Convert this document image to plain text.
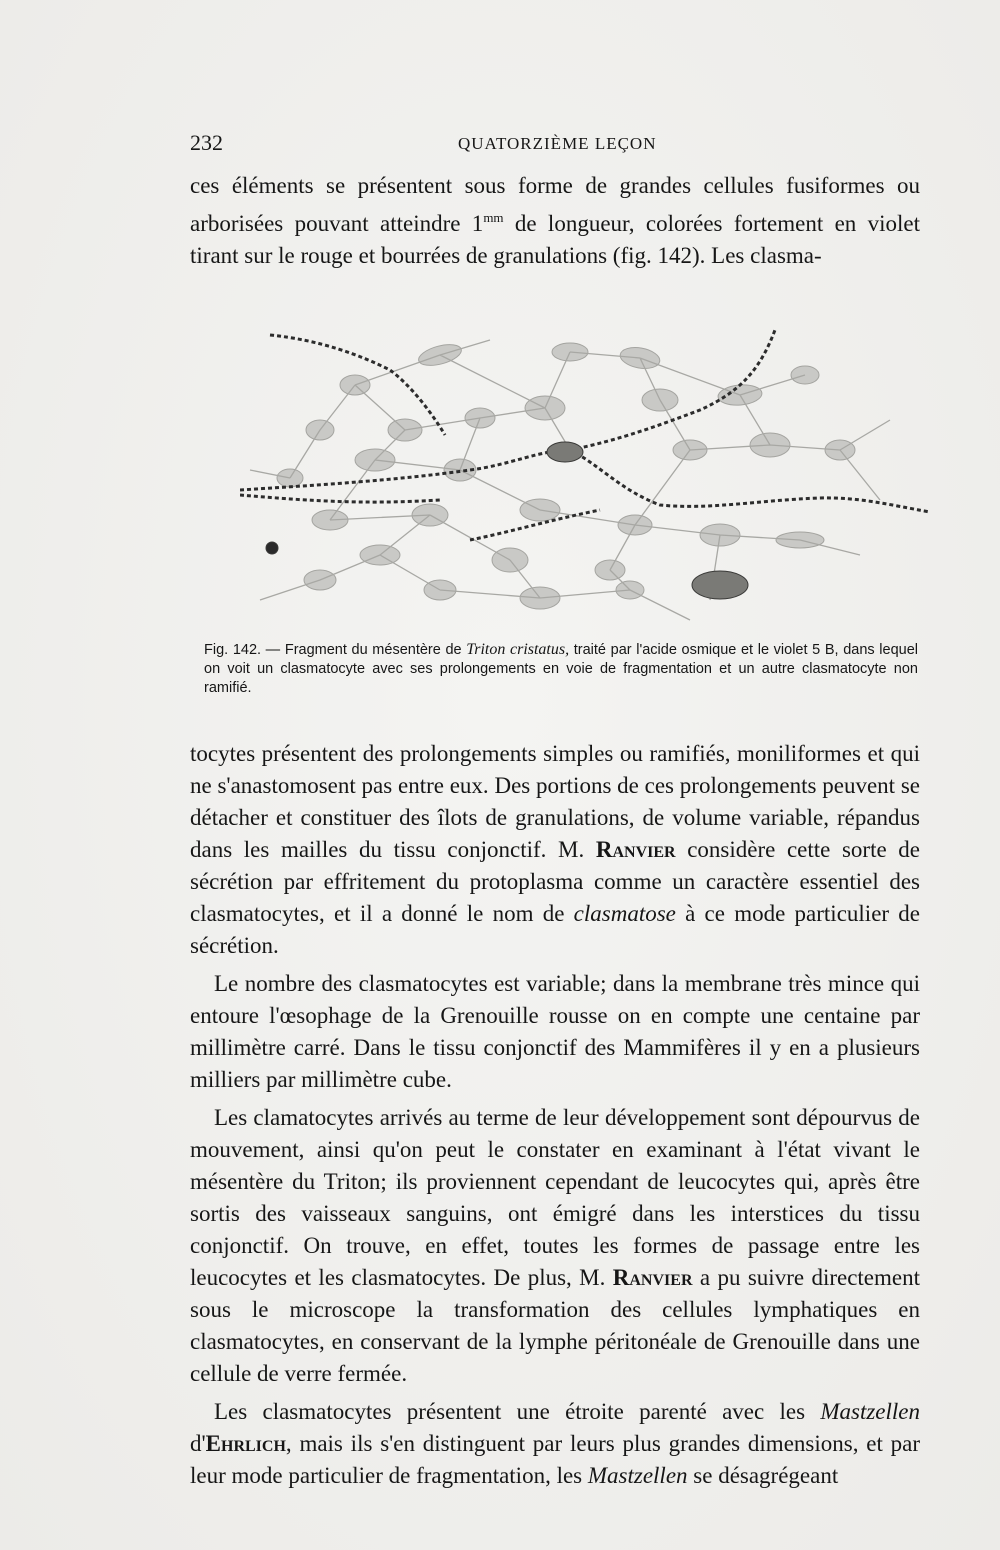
232	QUATORZIÈME LEÇON

ces éléments se présentent sous forme de grandes cellules fusiformes ou arborisées pouvant atteindre $1^{mm}$ de longueur, colorées fortement en violet tirant sur le rouge et bourrées de granulations (fig. 142). Les clasma-

Fig. 142. — Fragment du mésentère de Triton cristatus, traité par l'acide osmique et le violet 5 B, dans lequel on voit un clasmatocyte avec ses prolongements en voie de fragmentation et un autre clasmatocyte non ramifié.

tocytes présentent des prolongements simples ou ramifiés, moniliformes et qui ne s'anastomosent pas entre eux. Des portions de ces prolongements peuvent se détacher et constituer des îlots de granulations, de volume variable, répandus dans les mailles du tissu conjonctif. M. Ranvier considère cette sorte de sécrétion par effritement du protoplasma comme un caractère essentiel des clasmatocytes, et il a donné le nom de clasmatose à ce mode particulier de sécrétion.

Le nombre des clasmatocytes est variable; dans la membrane très mince qui entoure l'œsophage de la Grenouille rousse on en compte une centaine par millimètre carré. Dans le tissu conjonctif des Mammifères il y en a plusieurs milliers par millimètre cube.

Les clamatocytes arrivés au terme de leur développement sont dépourvus de mouvement, ainsi qu'on peut le constater en examinant à l'état vivant le mésentère du Triton; ils proviennent cependant de leucocytes qui, après être sortis des vaisseaux sanguins, ont émigré dans les interstices du tissu conjonctif. On trouve, en effet, toutes les formes de passage entre les leucocytes et les clasmatocytes. De plus, M. Ranvier a pu suivre directement sous le microscope la transformation des cellules lymphatiques en clasmatocytes, en conservant de la lymphe péritonéale de Grenouille dans une cellule de verre fermée.

Les clasmatocytes présentent une étroite parenté avec les Mastzellen d'Ehrlich, mais ils s'en distinguent par leurs plus grandes dimensions, et par leur mode particulier de fragmentation, les Mastzellen se désagrégeant
